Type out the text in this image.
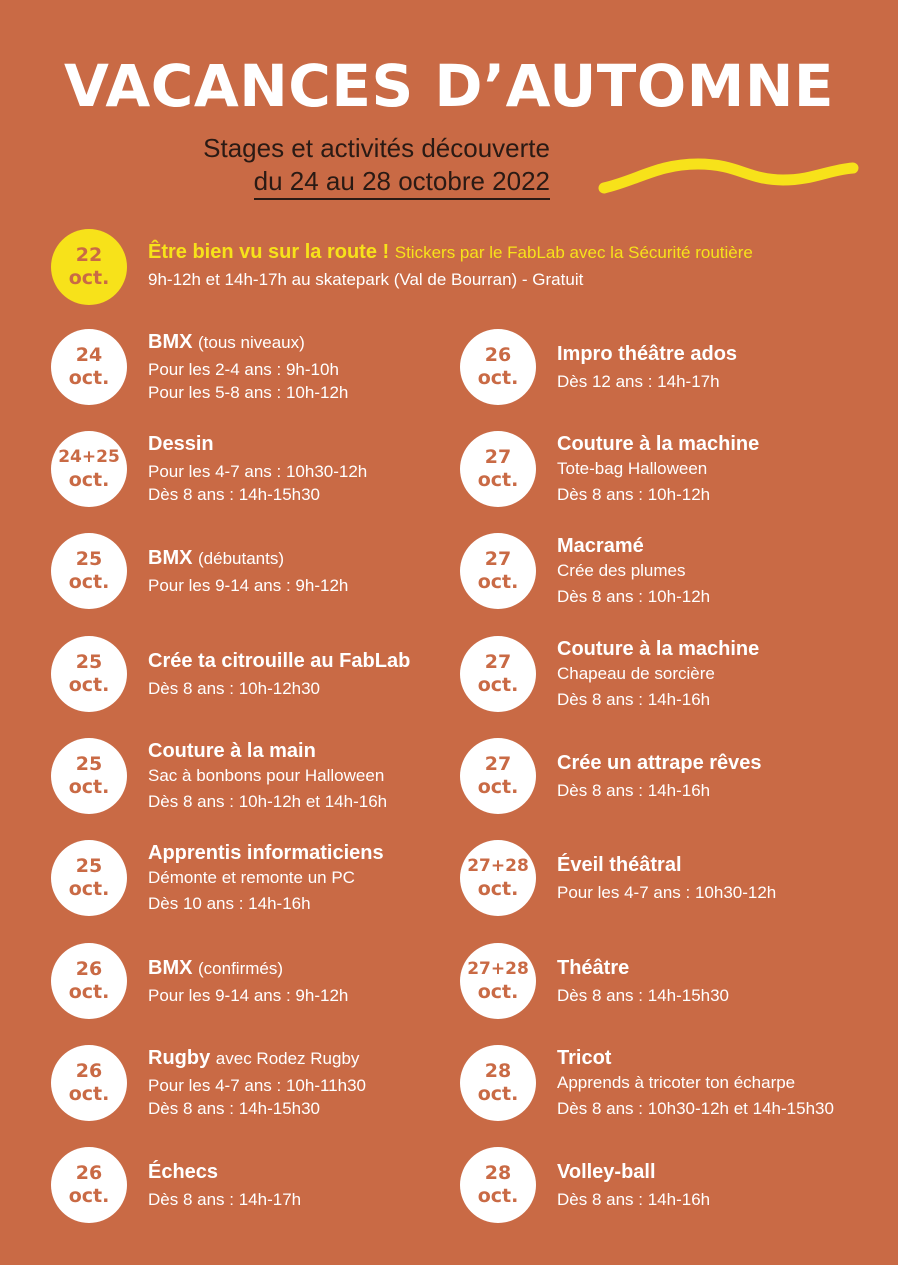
VACANCES D’AUTOMNE
Stages et activités découverte
du 24 au 28 octobre 2022
22
oct.
Être bien vu sur la route ! Stickers par le FabLab avec la Sécurité routière
9h-12h et 14h-17h au skatepark (Val de Bourran) - Gratuit
24
oct.
BMX (tous niveaux)
Pour les 2-4 ans : 9h-10h
Pour les 5-8 ans : 10h-12h
24+25
oct.
Dessin
Pour les 4-7 ans : 10h30-12h
Dès 8 ans : 14h-15h30
25
oct.
BMX (débutants)
Pour les 9-14 ans : 9h-12h
25
oct.
Crée ta citrouille au FabLab
Dès 8 ans : 10h-12h30
25
oct.
Couture à la main
Sac à bonbons pour Halloween
Dès 8 ans : 10h-12h et 14h-16h
25
oct.
Apprentis informaticiens
Démonte et remonte un PC
Dès 10 ans : 14h-16h
26
oct.
BMX (confirmés)
Pour les 9-14 ans : 9h-12h
26
oct.
Rugby avec Rodez Rugby
Pour les 4-7 ans : 10h-11h30
Dès 8 ans : 14h-15h30
26
oct.
Échecs
Dès 8 ans : 14h-17h
26
oct.
Impro théâtre ados
Dès 12 ans : 14h-17h
27
oct.
Couture à la machine
Tote-bag Halloween
Dès 8 ans : 10h-12h
27
oct.
Macramé
Crée des plumes
Dès 8 ans : 10h-12h
27
oct.
Couture à la machine
Chapeau de sorcière
Dès 8 ans : 14h-16h
27
oct.
Crée un attrape rêves
Dès 8 ans : 14h-16h
27+28
oct.
Éveil théâtral
Pour les 4-7 ans : 10h30-12h
27+28
oct.
Théâtre
Dès 8 ans : 14h-15h30
28
oct.
Tricot
Apprends à tricoter ton écharpe
Dès 8 ans : 10h30-12h et 14h-15h30
28
oct.
Volley-ball
Dès 8 ans : 14h-16h
